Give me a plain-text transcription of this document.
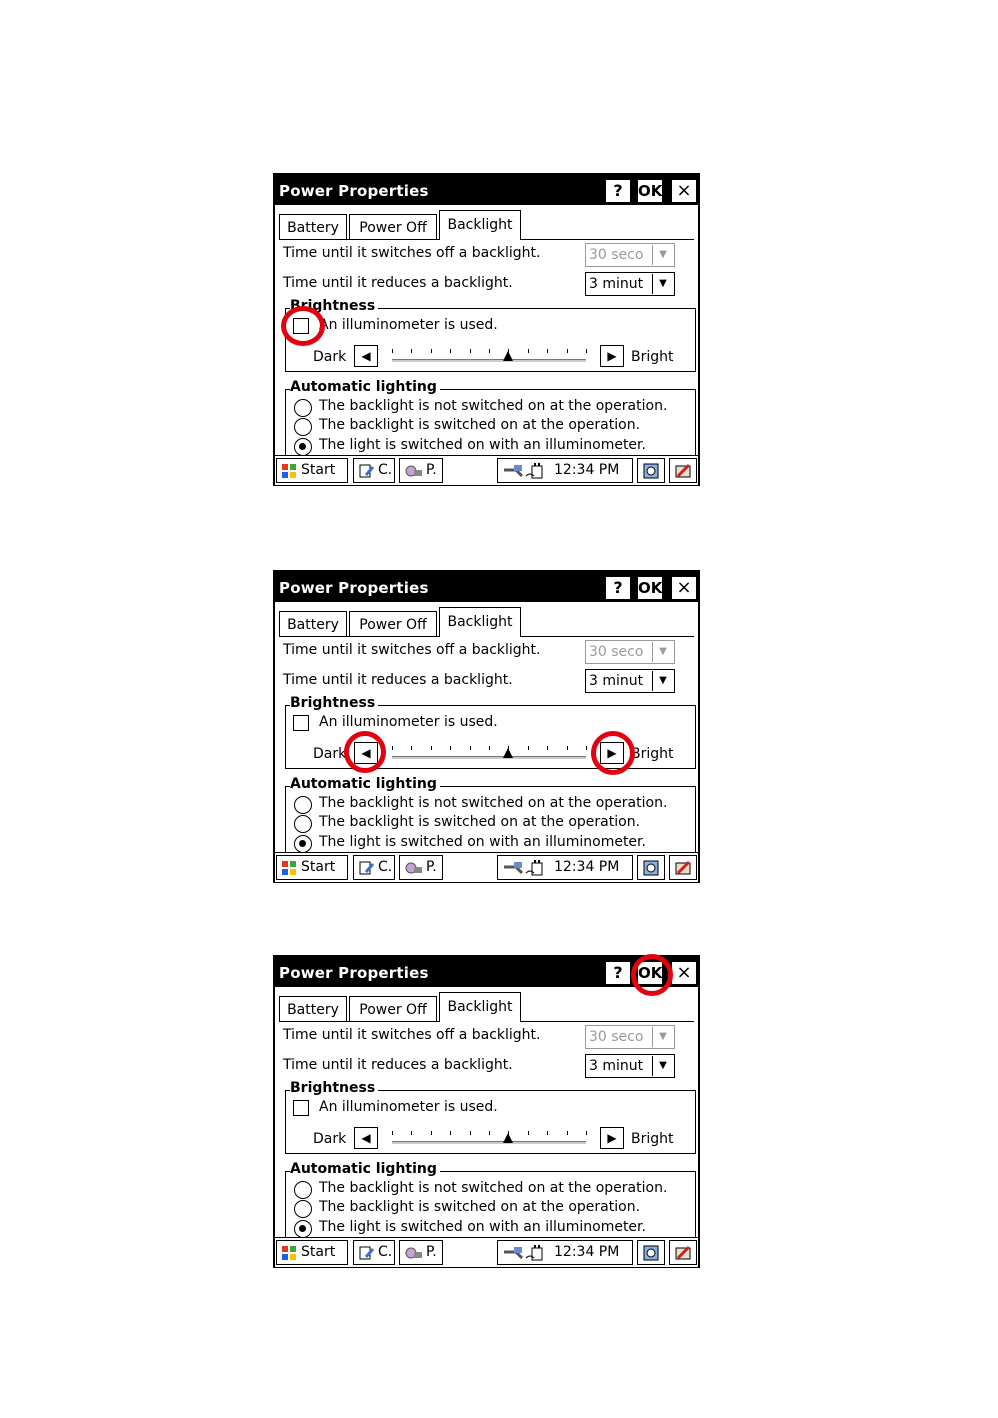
Power Properties	?	OK ×
Battery	Power Off	Backlight
Time until it switches off a backlight.	30 seco	▼
Time until it reduces a backlight.	3 minut	▼
Brightness
An illuminometer is used.
Dark	◀	▶	Bright
Automatic lighting
The backlight is not switched on at the operation.
The backlight is switched on at the operation.
The light is switched on with an illuminometer.
Start	C.	P.	12:34 PM
Power Properties	?	OK ×
Battery	Power Off	Backlight
Time until it switches off a backlight.	30 seco	▼
Time until it reduces a backlight.	3 minut	▼
Brightness
An illuminometer is used.
Dark	◀	▶	Bright
Automatic lighting
The backlight is not switched on at the operation.
The backlight is switched on at the operation.
The light is switched on with an illuminometer.
Start	C.	P.	12:34 PM
Power Properties	?	OK ×
Battery	Power Off	Backlight
Time until it switches off a backlight.	30 seco	▼
Time until it reduces a backlight.	3 minut	▼
Brightness
An illuminometer is used.
Dark	◀	▶	Bright
Automatic lighting
The backlight is not switched on at the operation.
The backlight is switched on at the operation.
The light is switched on with an illuminometer.
Start	C.	P.	12:34 PM
